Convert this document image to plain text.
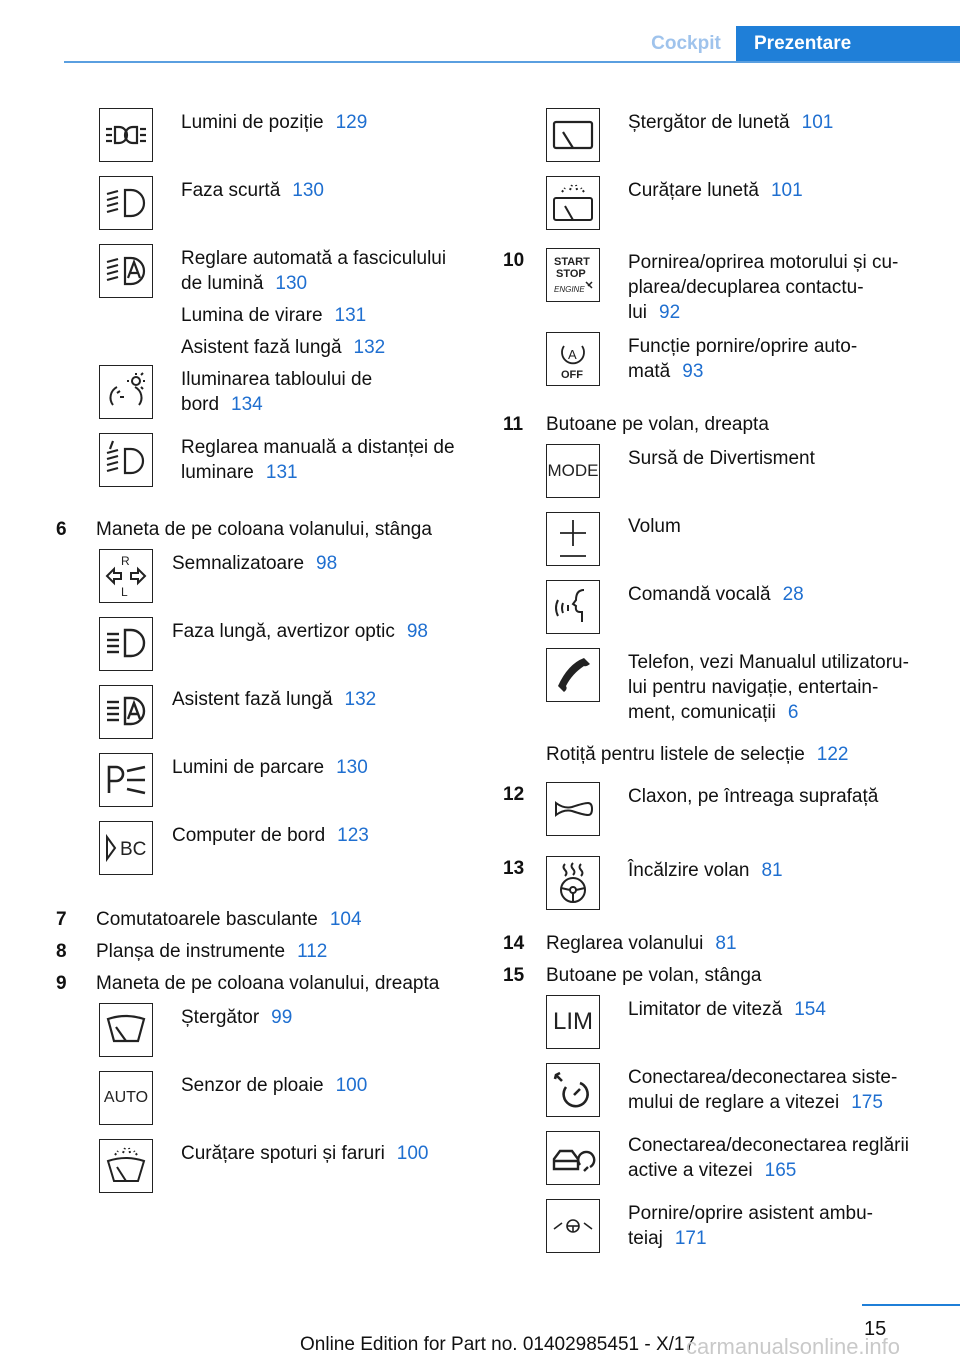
Cockpit	Prezentare
Lumini de poziție 129
Faza scurtă 130
Reglare automată a fasciculului
de lumină 130
Lumina de virare 131
Asistent fază lungă 132
Iluminarea tabloului de
bord 134
Reglarea manuală a distanței de
luminare 131
6	Maneta de pe coloana volanului, stânga
R
L
Semnalizatoare 98
Faza lungă, avertizor optic 98
Asistent fază lungă 132
Lumini de parcare 130
BC
Computer de bord 123
7	Comutatoarele basculante 104
8	Planșa de instrumente 112
9	Maneta de pe coloana volanului, dreapta
Ștergător 99
AUTO
Senzor de ploaie 100
Curățare spoturi și faruri 100
Ștergător de lunetă 101
Curățare lunetă 101
10	START
STOP
ENGINE
Pornirea/oprirea motorului și cu-
plarea/decuplarea contactu-
lui 92
A
OFF
Funcție pornire/oprire auto-
mată 93
11	Butoane pe volan, dreapta
MODE
Sursă de Divertisment
Volum
Comandă vocală 28
Telefon, vezi Manualul utilizatoru-
lui pentru navigație, entertain-
ment, comunicații 6
Rotiță pentru listele de selecție 122
12	Claxon, pe întreaga suprafață
13	Încălzire volan 81
14	Reglarea volanului 81
15	Butoane pe volan, stânga
LIM Limitator de viteză 154
Conectarea/deconectarea siste-
mului de reglare a vitezei 175
Conectarea/deconectarea reglării
active a vitezei 165
Pornire/oprire asistent ambu-
teiaj 171
15
Online Edition for Part no. 01402985451 - X/17
carmanualsonline.info
